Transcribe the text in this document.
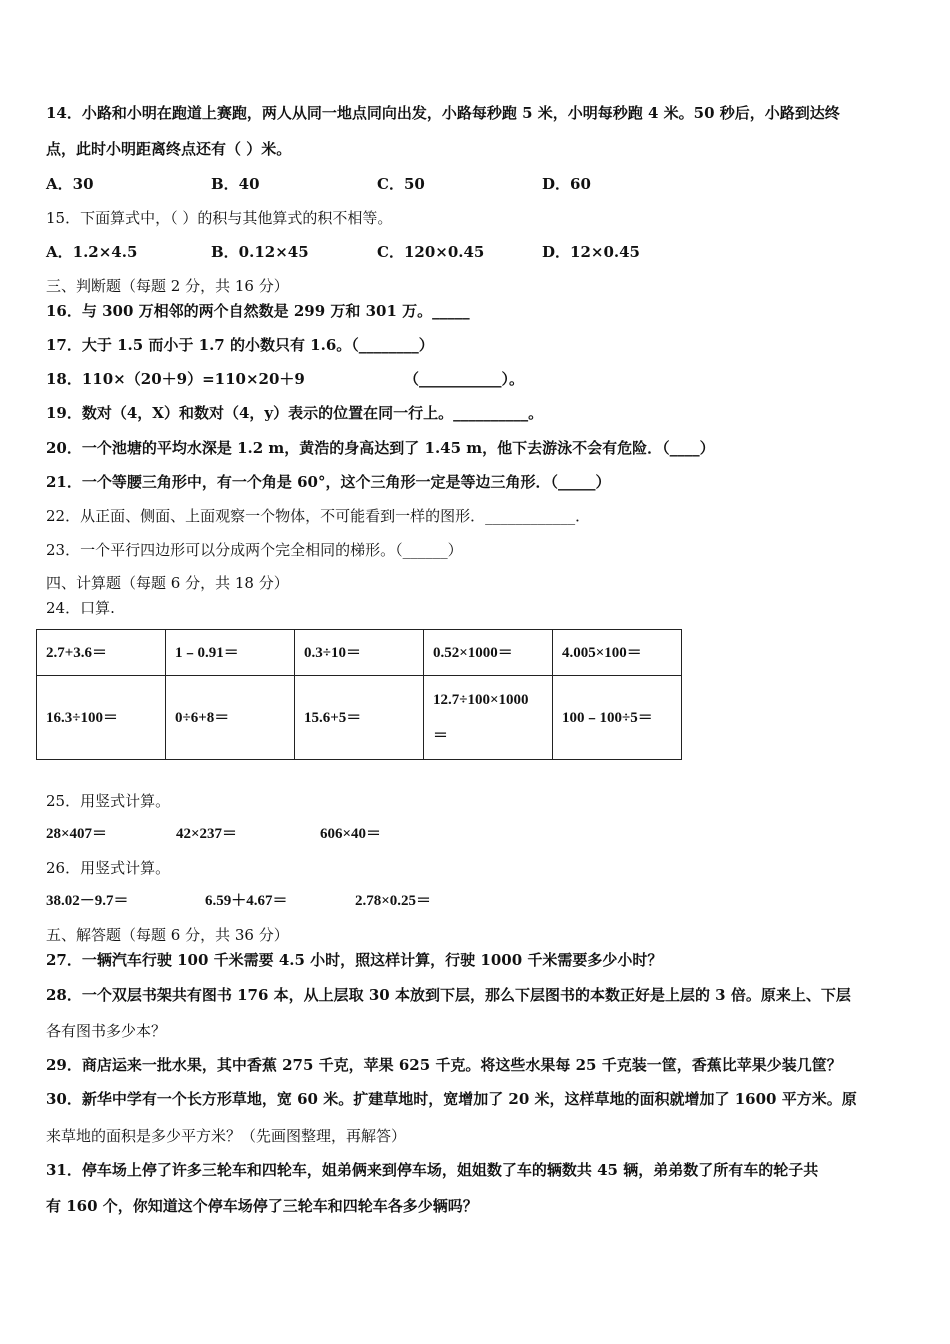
14．小路和小明在跑道上赛跑，两人从同一地点同向出发，小路每秒跑 5 米，小明每秒跑 4 米。50 秒后，小路到达终
点，此时小明距离终点还有（ ）米。
A．30	B．40	C．50	D．60
15．下面算式中，（ ）的积与其他算式的积不相等。
A．1.2×4.5	B．0.12×45	C．120×0.45	D．12×0.45
三、判断题（每题 2 分，共 16 分）
16．与 300 万相邻的两个自然数是 299 万和 301 万。_____
17．大于 1.5 而小于 1.7 的小数只有 1.6。（________）
18．110×（20＋9）=110×20＋9	（___________）。
19．数对（4，X）和数对（4，y）表示的位置在同一行上。__________。
20．一个池塘的平均水深是 1.2 m，黄浩的身高达到了 1.45 m，他下去游泳不会有危险．（____）
21．一个等腰三角形中，有一个角是 60°，这个三角形一定是等边三角形．（_____）
22．从正面、侧面、上面观察一个物体，不可能看到一样的图形．____________．
23．一个平行四边形可以分成两个完全相同的梯形。（______）
四、计算题（每题 6 分，共 18 分）
24．口算.
2.7+3.6＝	1﹣0.91＝	0.3÷10＝	0.52×1000＝	4.005×100＝
16.3÷100＝	0÷6+8＝	15.6+5＝	12.7÷100×1000
＝	100﹣100÷5＝
25．用竖式计算。
28×407＝	42×237＝	606×40＝
26．用竖式计算。
38.02－9.7＝	6.59＋4.67＝	2.78×0.25＝
五、解答题（每题 6 分，共 36 分）
27．一辆汽车行驶 100 千米需要 4.5 小时，照这样计算，行驶 1000 千米需要多少小时？
28．一个双层书架共有图书 176 本，从上层取 30 本放到下层，那么下层图书的本数正好是上层的 3 倍。原来上、下层
各有图书多少本？
29．商店运来一批水果，其中香蕉 275 千克，苹果 625 千克。将这些水果每 25 千克装一筐，香蕉比苹果少装几筐？
30．新华中学有一个长方形草地，宽 60 米。扩建草地时，宽增加了 20 米，这样草地的面积就增加了 1600 平方米。原
来草地的面积是多少平方米？（先画图整理，再解答）
31．停车场上停了许多三轮车和四轮车，姐弟俩来到停车场，姐姐数了车的辆数共 45 辆，弟弟数了所有车的轮子共
有 160 个，你知道这个停车场停了三轮车和四轮车各多少辆吗？
